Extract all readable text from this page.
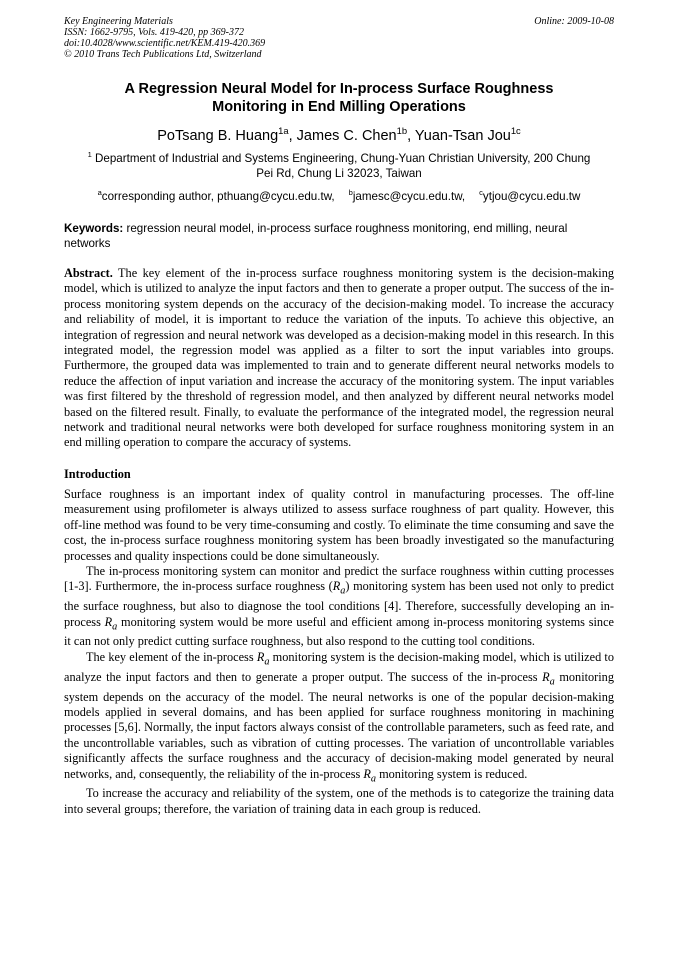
Key Engineering Materials
ISSN: 1662-9795, Vols. 419-420, pp 369-372
doi:10.4028/www.scientific.net/KEM.419-420.369
© 2010 Trans Tech Publications Ltd, Switzerland
Online: 2009-10-08
A Regression Neural Model for In-process Surface Roughness
Monitoring in End Milling Operations
PoTsang B. Huang$^{1a}$, James C. Chen$^{1b}$, Yuan-Tsan Jou$^{1c}$
$^1$ Department of Industrial and Systems Engineering, Chung-Yuan Christian University, 200 Chung
Pei Rd, Chung Li 32023, Taiwan
$^a$corresponding author, pthuang@cycu.edu.tw, $^b$jamesc@cycu.edu.tw, $^c$ytjou@cycu.edu.tw
Keywords: regression neural model, in-process surface roughness monitoring, end milling, neural networks
Abstract. The key element of the in-process surface roughness monitoring system is the decision-making model, which is utilized to analyze the input factors and then to generate a proper output. The success of the in-process monitoring system depends on the accuracy of the decision-making model. To increase the accuracy and reliability of model, it is important to reduce the variation of the inputs. To achieve this objective, an integration of regression and neural network was developed as a decision-making model in this research. In this integrated model, the regression model was applied as a filter to sort the input variables into groups. Furthermore, the grouped data was implemented to train and to generate different neural networks models to reduce the affection of input variation and increase the accuracy of the monitoring system. The input variables was first filtered by the threshold of regression model, and then analyzed by different neural networks model based on the filtered result. Finally, to evaluate the performance of the integrated model, the regression neural network and traditional neural networks were both developed for surface roughness monitoring system in an end milling operation to compare the accuracy of systems.
Introduction

Surface roughness is an important index of quality control in manufacturing processes. The off-line measurement using profilometer is always utilized to assess surface roughness of part quality. However, this off-line method was found to be very time-consuming and costly. To eliminate the time consuming and save the cost, the in-process surface roughness monitoring system has been broadly investigated so the manufacturing processes and quality inspections could be done simultaneously.

The in-process monitoring system can monitor and predict the surface roughness within cutting processes [1-3]. Furthermore, the in-process surface roughness $(R_a)$ monitoring system has been used not only to predict the surface roughness, but also to diagnose the tool conditions [4]. Therefore, successfully developing an in-process $R_a$ monitoring system would be more useful and efficient among in-process monitoring systems since it can not only predict cutting surface roughness, but also respond to the cutting tool conditions.

The key element of the in-process $R_a$ monitoring system is the decision-making model, which is utilized to analyze the input factors and then to generate a proper output. The success of the in-process $R_a$ monitoring system depends on the accuracy of the model. The neural networks is one of the popular decision-making models applied in several domains, and has been applied for surface roughness monitoring in machining processes [5,6]. Normally, the input factors always consist of the controllable parameters, such as feed rate, and the uncontrollable variables, such as vibration of cutting processes. The variation of uncontrollable variables significantly affects the surface roughness and the accuracy of decision-making model generated by neural networks, and, consequently, the reliability of the in-process $R_a$ monitoring system is reduced.

To increase the accuracy and reliability of the system, one of the methods is to categorize the training data into several groups; therefore, the variation of training data in each group is reduced.
